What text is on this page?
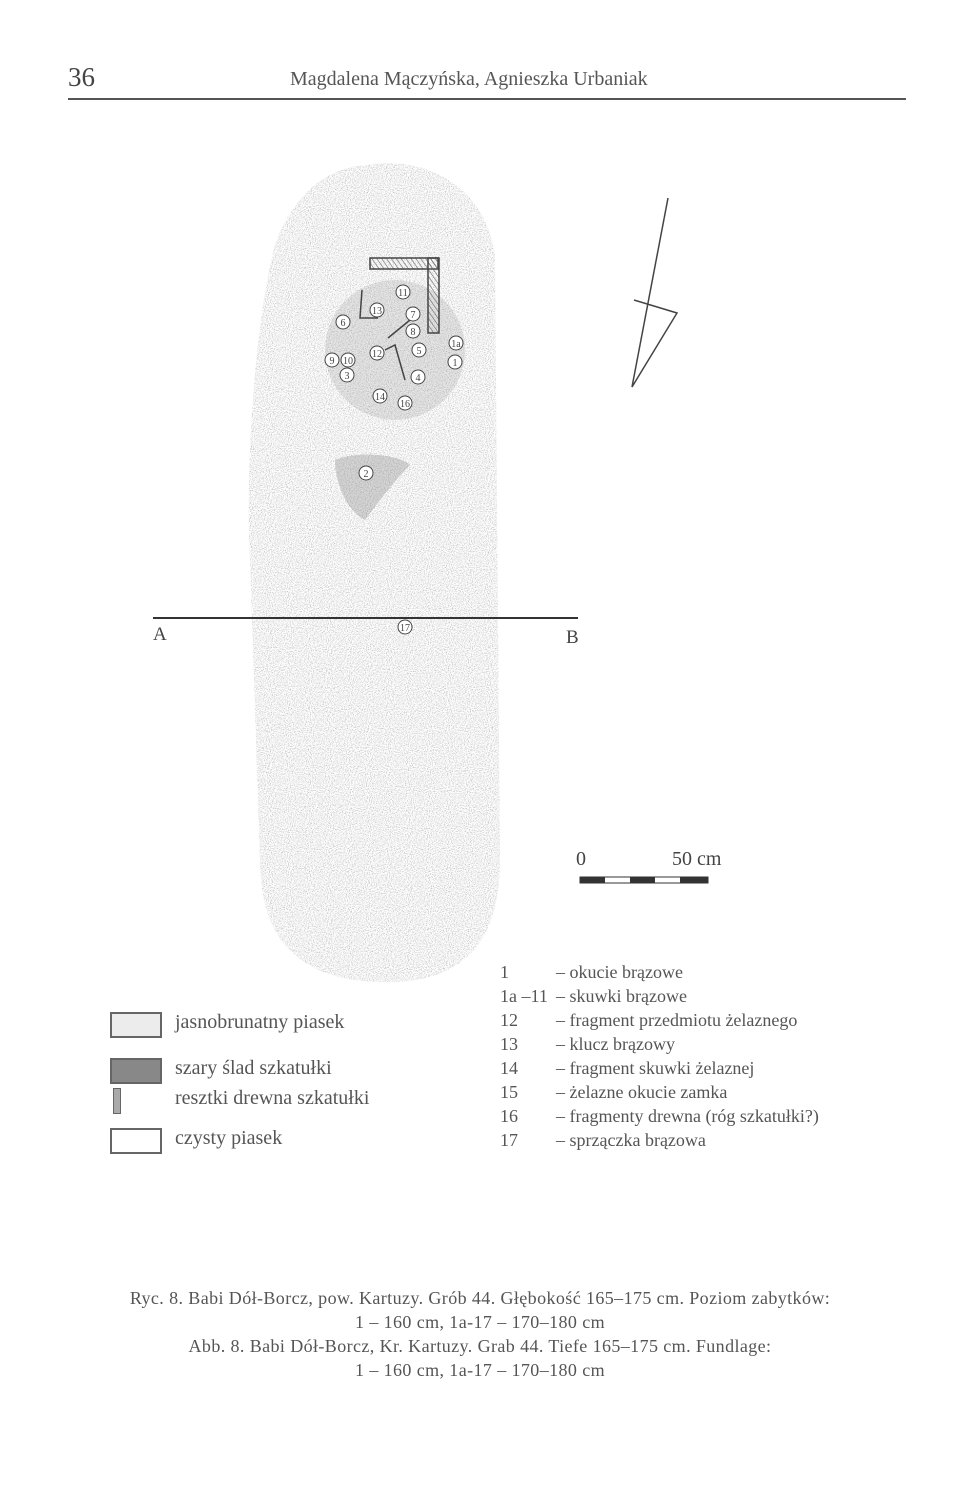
11
13	7
6
8
9
1a
10
12	5
3	4
14
16
2
17
1
36	Magdalena Mączyńska, Agnieszka Urbaniak
A	B
0	50 cm
jasnobrunatny piasek
szary ślad szkatułki
resztki drewna szkatułki
czysty piasek
1	– okucie brązowe
1a –11 – skuwki brązowe
12	– fragment przedmiotu żelaznego
13	– klucz brązowy
14	– fragment skuwki żelaznej
15	– żelazne okucie zamka
16	– fragmenty drewna (róg szkatułki?)
17	– sprzączka brązowa
Ryc. 8. Babi Dół-Borcz, pow. Kartuzy. Grób 44. Głębokość 165–175 cm. Poziom zabytków:
1 – 160 cm, 1a-17 – 170–180 cm
Abb. 8. Babi Dół-Borcz, Kr. Kartuzy. Grab 44. Tiefe 165–175 cm. Fundlage:
1 – 160 cm, 1a-17 – 170–180 cm
